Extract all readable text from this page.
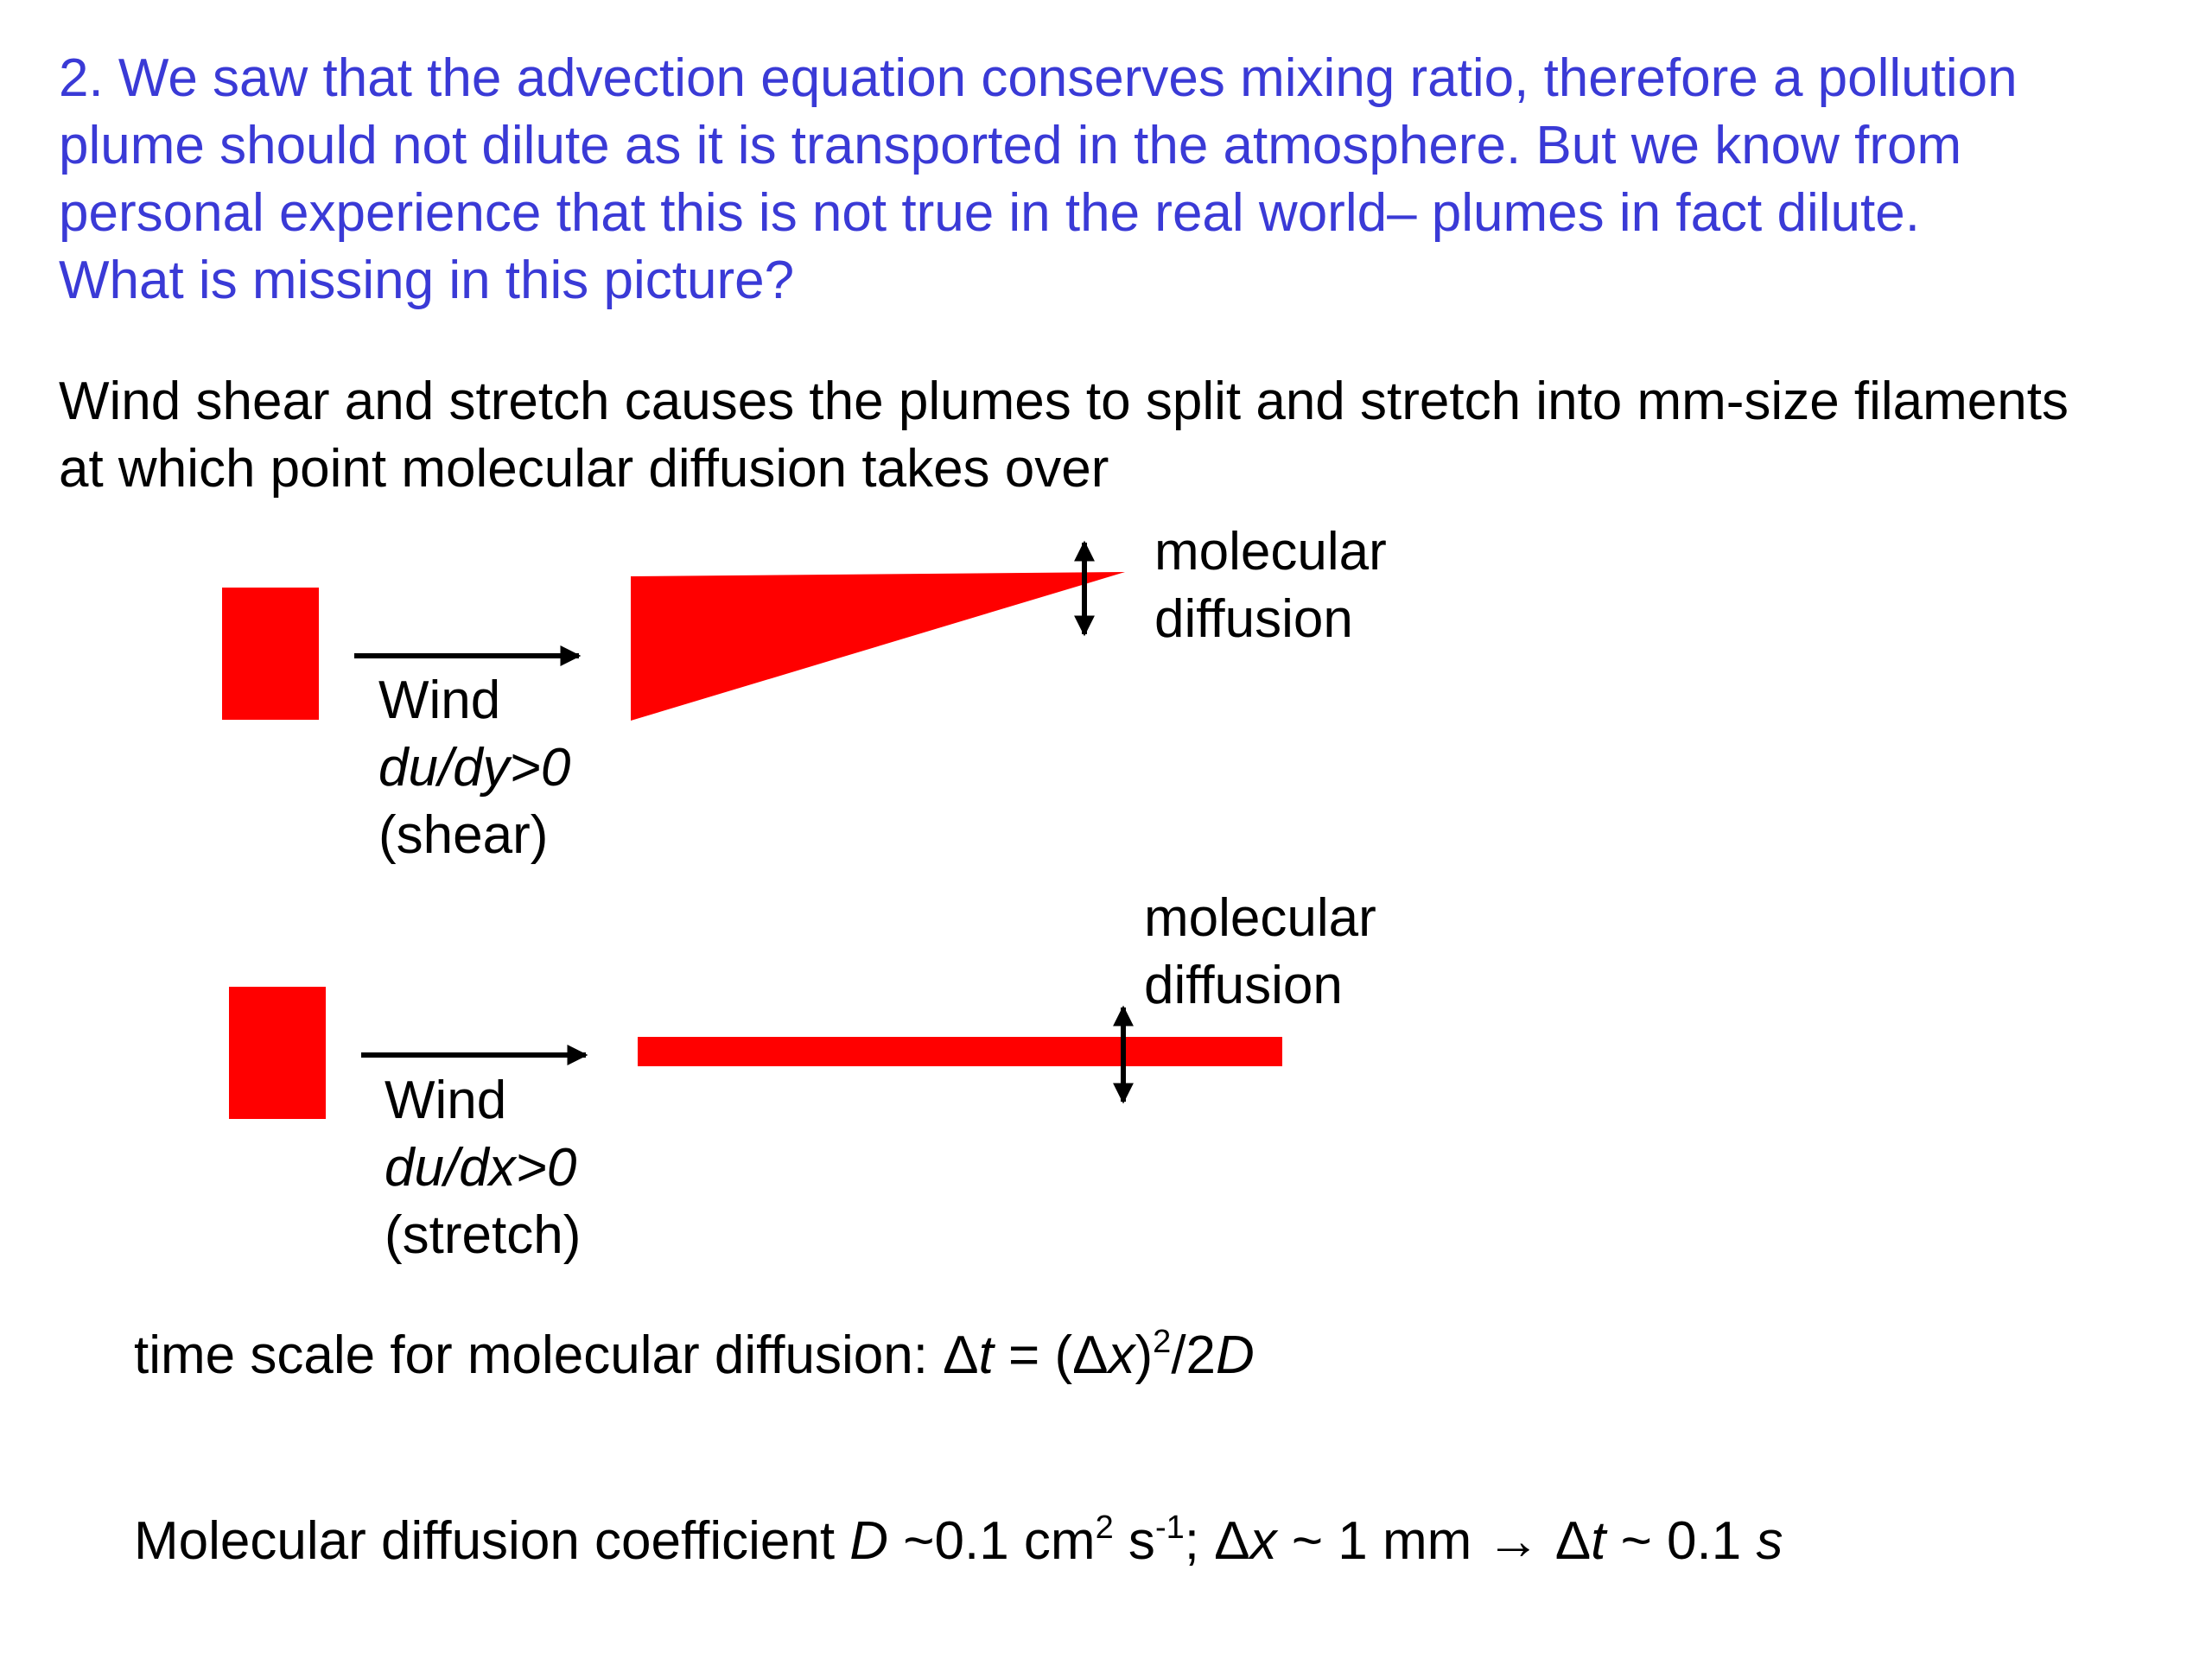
2. We saw that the advection equation conserves mixing ratio, therefore a pollution
plume should not dilute as it is transported in the atmosphere. But we know from
personal experience that this is not true in the real world– plumes in fact dilute.
What is missing in this picture?
Wind shear and stretch causes the plumes to split and stretch into mm-size filaments
at which point molecular diffusion takes over
Wind
du/dy>0
(shear)
molecular
diffusion
Wind
du/dx>0
(stretch)
molecular
diffusion
time scale for molecular diffusion: $\Delta t = (\Delta x)^2/2D$
Molecular diffusion coefficient D ~0.1 $cm^2$ $s^{-1}$; Δx ~ 1 mm → Δt ~ 0.1 s
